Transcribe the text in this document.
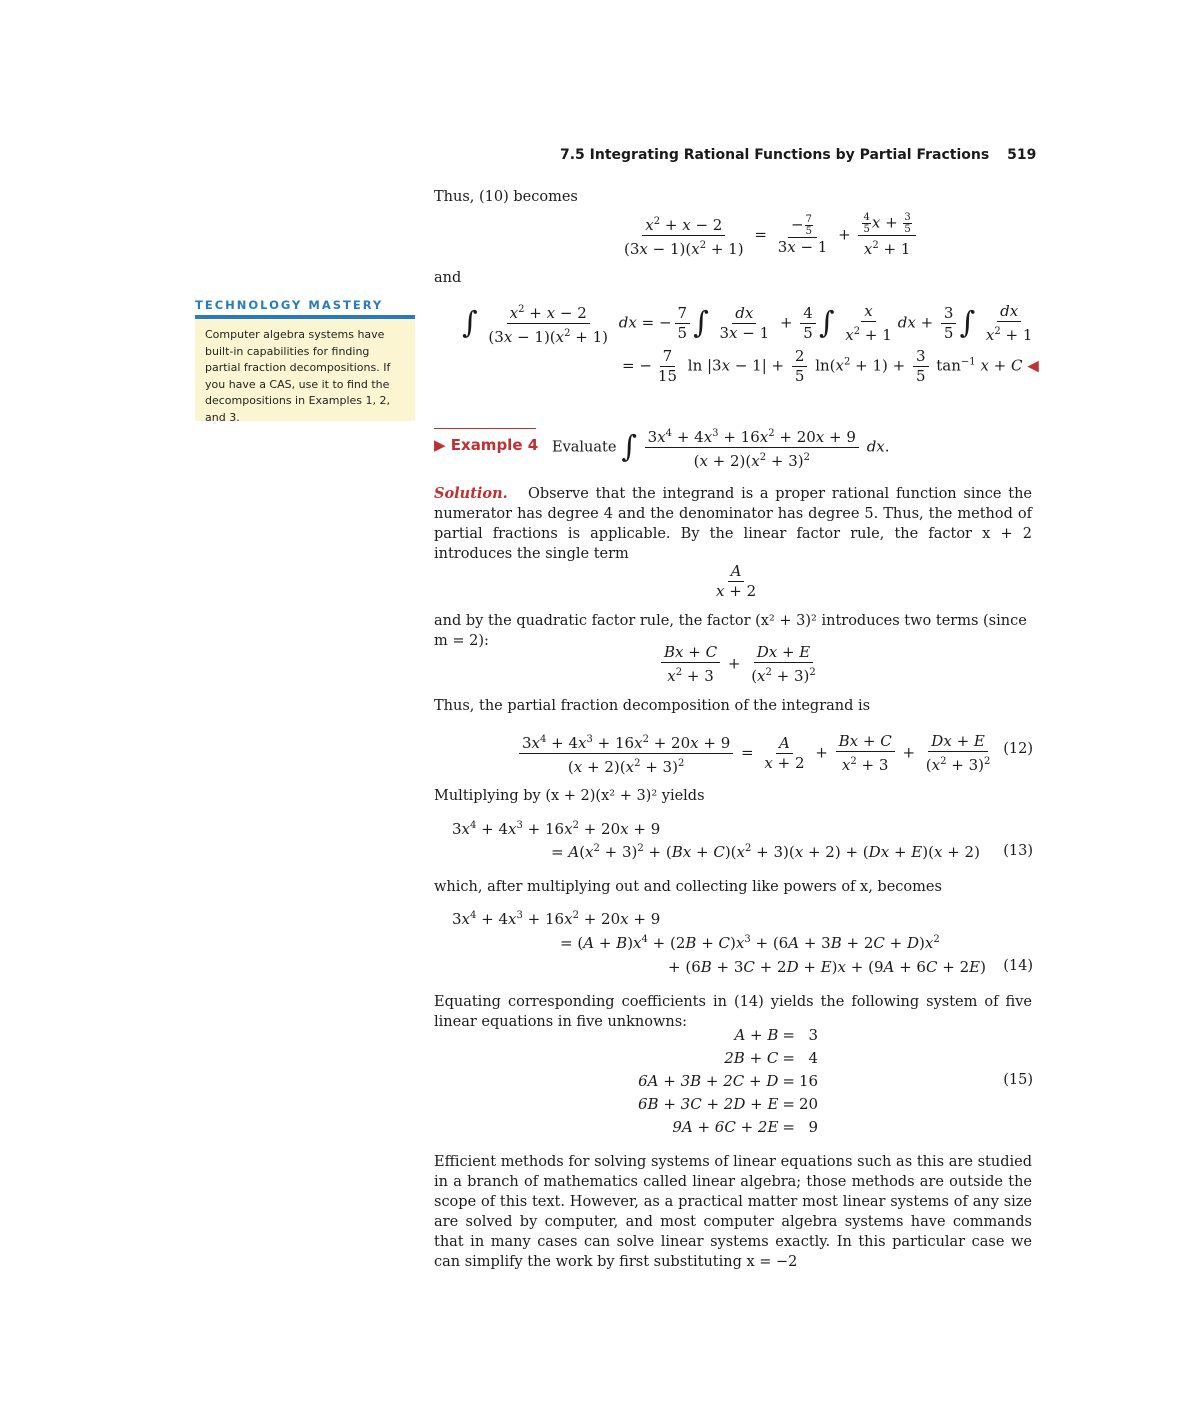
7.5 Integrating Rational Functions by Partial Fractions 519
TECHNOLOGY MASTERY
Computer algebra systems have built-in capabilities for finding partial fraction decompositions. If you have a CAS, use it to find the decompositions in Examples 1, 2, and 3.
Thus, (10) becomes
$\frac{x^2 + x - 2}{(3x - 1)(x^2 + 1)} = \frac{- \frac{7}{5}}{3x - 1} + \frac{\frac{4}{5} x + \frac{3}{5}}{x^2 + 1}$
and
∫ $\frac{x^2 + x - 2}{(3x - 1)(x^2 + 1)}$ dx = − $\frac{7}{5}$ ∫ $\frac{dx}{3x - 1} + \frac{4}{5}$ ∫ $\frac{x}{x^2 + 1}$ dx + $\frac{3}{5}$ ∫ $\frac{dx}{x^2 + 1}$
= − $\frac{7}{15}$ $\ln |3x - 1| + \frac{2}{5} \ln(x^2 + 1) + \frac{3}{5} \tan^{-1} x + C$ ◀
▶ Example 4 Evaluate ∫ $\frac{3x^4 + 4x^3 + 16x^2 + 20x + 9}{(x + 2)(x^2 + 3)^2}$ dx.
Solution. Observe that the integrand is a proper rational function since the numerator has degree 4 and the denominator has degree 5. Thus, the method of partial fractions is applicable. By the linear factor rule, the factor x + 2 introduces the single term
$\frac{A}{x + 2}$
and by the quadratic factor rule, the factor (x² + 3)² introduces two terms (since m = 2):
$\frac{Bx + C}{x^2 + 3} + \frac{Dx + E}{(x^2 + 3)^2}$
Thus, the partial fraction decomposition of the integrand is
$\frac{3x^4 + 4x^3 + 16x^2 + 20x + 9}{(x + 2)(x^2 + 3)^2} = \frac{A}{x + 2} + \frac{Bx + C}{x^2 + 3} + \frac{Dx + E}{(x^2 + 3)^2} (12)$
Multiplying by (x + 2)(x² + 3)² yields
$3x^4 + 4x^3 + 16x^2 + 20x + 9$
= $A(x^2 + 3)^2 + (Bx + C)(x^2 + 3)(x + 2) + (Dx + E)(x + 2)$	(13)
which, after multiplying out and collecting like powers of x, becomes
$3x^4 + 4x^3 + 16x^2 + 20x + 9$
= $(A + B)x^4 + (2B + C)x^3 + (6A + 3B + 2C + D)x^2$
+ (6B + 3C + 2D + E)x + (9A + 6C + 2E)	(14)
Equating corresponding coefficients in (14) yields the following system of five linear equations in five unknowns:
A + B	=	3
2B + C	=	4
6A + 3B + 2C + D	=	16
6B + 3C + 2D + E	=	20
9A + 6C + 2E	=	9
(15)
Efficient methods for solving systems of linear equations such as this are studied in a branch of mathematics called linear algebra; those methods are outside the scope of this text. However, as a practical matter most linear systems of any size are solved by computer, and most computer algebra systems have commands that in many cases can solve linear systems exactly. In this particular case we can simplify the work by first substituting x = −2
